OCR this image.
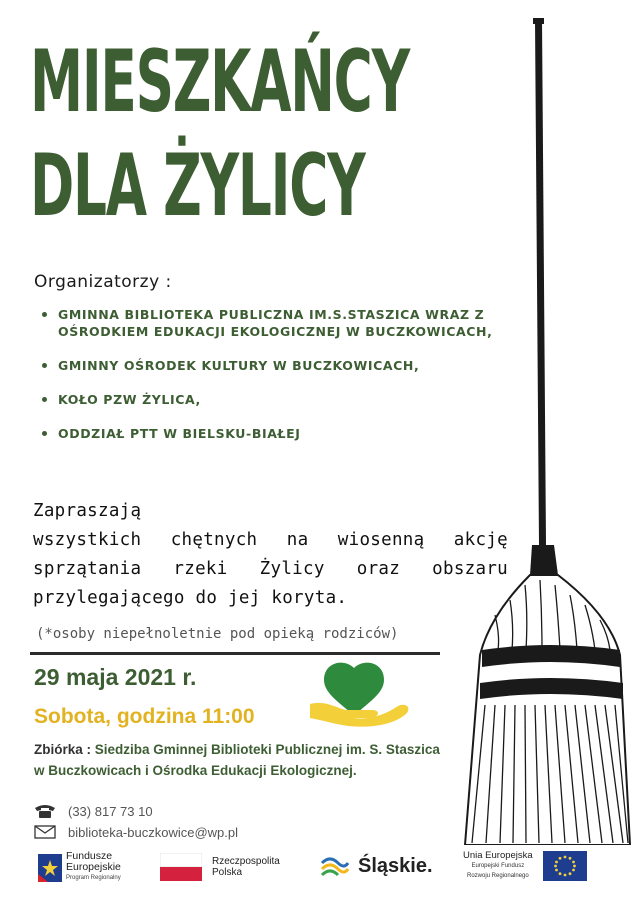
MIESZKAŃCY
DLA ŻYLICY
Organizatorzy :
GMINNA BIBLIOTEKA PUBLICZNA IM.S.STASZICA WRAZ Z OŚRODKIEM EDUKACJI EKOLOGICZNEJ W BUCZKOWICACH,
GMINNY OŚRODEK KULTURY W BUCZKOWICACH,
KOŁO PZW ŻYLICA,
ODDZIAŁ PTT W BIELSKU-BIAŁEJ
Zapraszają
wszystkich chętnych na wiosenną akcję
sprzątania rzeki Żylicy oraz obszaru
przylegającego do jej koryta.
(*osoby niepełnoletnie pod opieką rodziców)
29 maja 2021 r.
Sobota, godzina 11:00
Zbiórka : Siedziba Gminnej Biblioteki Publicznej im. S. Staszica w Buczkowicach i Ośrodka Edukacji Ekologicznej.
(33) 817 73 10
biblioteka-buczkowice@wp.pl
Fundusze
Europejskie
Program Regionalny
Rzeczpospolita
Polska	Śląskie.	Unia Europejska
Europejski Fundusz
Rozwoju Regionalnego
